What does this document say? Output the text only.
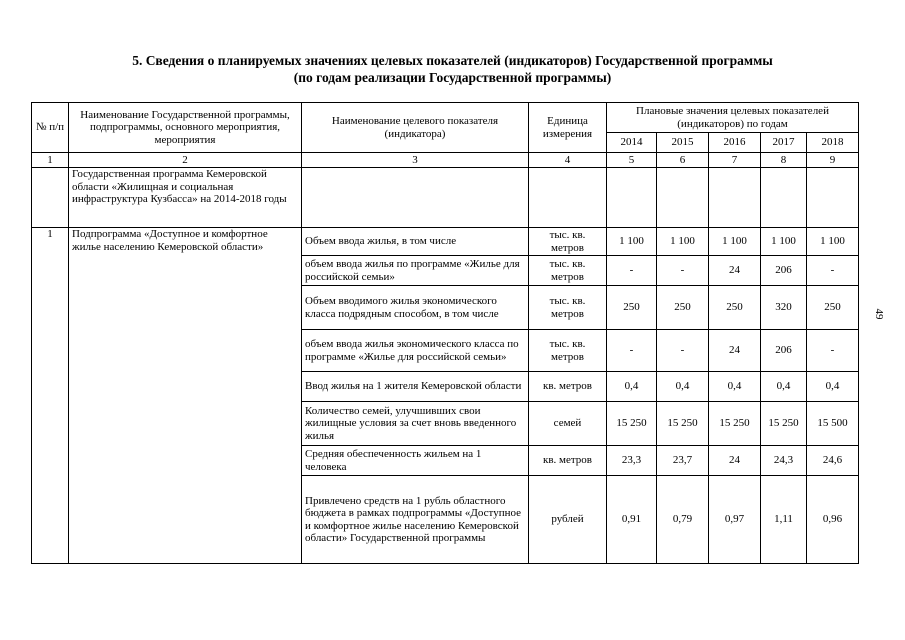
5. Сведения о планируемых значениях целевых показателей (индикаторов) Государственной программы
(по годам реализации Государственной программы)
49
№ п/п	Наименование Государственной программы, подпрограммы, основного мероприятия, мероприятия	Наименование целевого показателя (индикатора)	Единица измерения	Плановые значения целевых показателей (индикаторов) по годам				
				2014	2015	2016	2017	2018
1	2	3	4	5	6	7	8	9
	Государственная программа Кемеровской области «Жилищная и социальная инфраструктура Кузбасса» на 2014-2018 годы							
1	Подпрограмма «Доступное и комфортное жилье населению Кемеровской области»	Объем ввода жилья, в том числе	тыс. кв. метров	1 100	1 100	1 100	1 100	1 100
		объем ввода жилья по программе «Жилье для российской семьи»	тыс. кв. метров	-	-	24	206	-
		Объем вводимого жилья экономического класса подрядным способом, в том числе	тыс. кв. метров	250	250	250	320	250
		объем ввода жилья экономического класса по программе «Жилье для российской семьи»	тыс. кв. метров	-	-	24	206	-
		Ввод жилья на 1 жителя Кемеровской области	кв. метров	0,4	0,4	0,4	0,4	0,4
		Количество семей, улучшивших свои жилищные условия за счет вновь введенного жилья	семей	15 250	15 250	15 250	15 250	15 500
		Средняя обеспеченность жильем на 1 человека	кв. метров	23,3	23,7	24	24,3	24,6
		Привлечено средств на 1 рубль областного бюджета в рамках подпрограммы «Доступное и комфортное жилье населению Кемеровской области» Государственной программы	рублей	0,91	0,79	0,97	1,11	0,96
